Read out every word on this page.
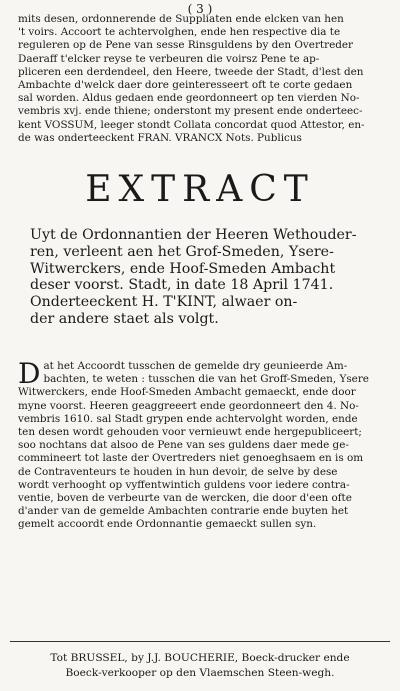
( 3 )
mits desen, ordonnerende de Suppliaten ende elcken van hen
't voirs. Accoort te achtervolghen, ende hen respective dia te
reguleren op de Pene van sesse Rinsguldens by den Overtreder
Daeraff t'elcker reyse te verbeuren die voirsz Pene te ap-
pliceren een derdendeel, den Heere, tweede der Stadt, d'lest den
Ambachte d'welck daer dore geinteresseert oft te corte gedaen
sal worden. Aldus gedaen ende geordonneert op ten vierden No-
vembris xvj. ende thiene; onderstont my present ende onderteec-
kent VOSSUM, leeger stondt Collata concordat quod Attestor, en-
de was onderteeckent FRAN. VRANCX Nots. Publicus
EXTRACT
Uyt de Ordonnantien der Heeren Wethouder-
ren, verleent aen het Grof-Smeden, Ysere-
Witwerckers, ende Hoof-Smeden Ambacht
deser voorst. Stadt, in date 18 April 1741.
Onderteeckent H. T'KINT, alwaer on-
der andere staet als volgt.
D at het Accoordt tusschen de gemelde dry geunieerde Am-
bachten, te weten : tusschen die van het Groff-Smeden, Ysere
Witwerckers, ende Hoof-Smeden Ambacht gemaeckt, ende door
myne voorst. Heeren geaggreeert ende geordonneert den 4. No-
vembris 1610. sal Stadt grypen ende achtervolght worden, ende
ten desen wordt gehouden voor vernieuwt ende hergepubliceert;
soo nochtans dat alsoo de Pene van ses guldens daer mede ge-
commineert tot laste der Overtreders niet genoeghsaem en is om
de Contraventeurs te houden in hun devoir, de selve by dese
wordt verhooght op vyffentwintich guldens voor iedere contra-
ventie, boven de verbeurte van de wercken, die door d'een ofte
d'ander van de gemelde Ambachten contrarie ende buyten het
gemelt accoordt ende Ordonnantie gemaeckt sullen syn.
Tot BRUSSEL, by J.J. BOUCHERIE, Boeck-drucker ende
Boeck-verkooper op den Vlaemschen Steen-wegh.
